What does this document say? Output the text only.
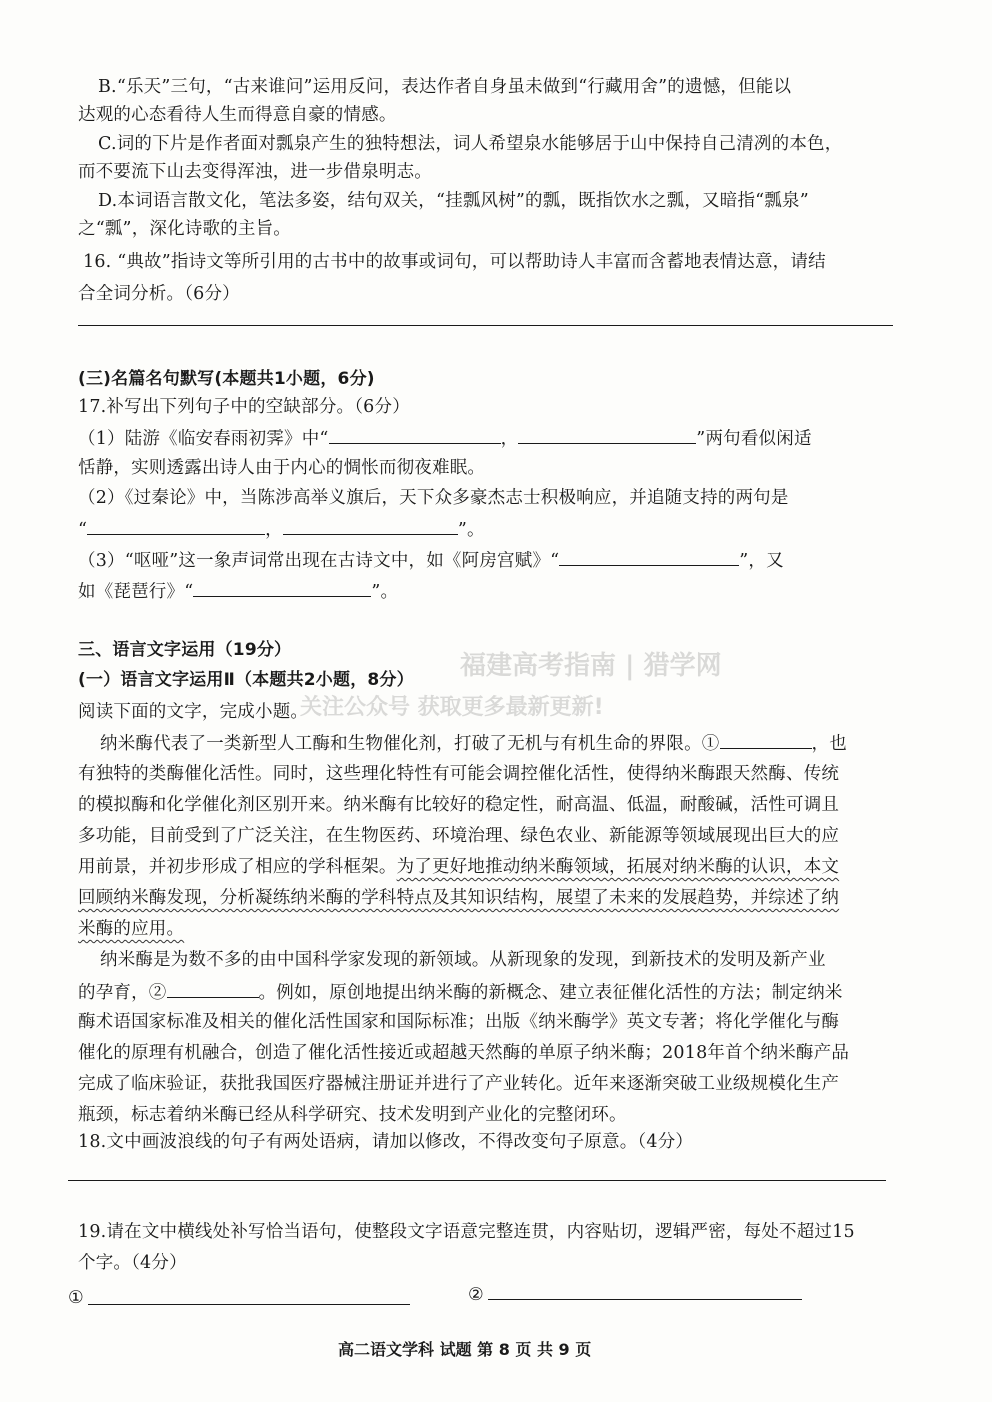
B.“乐天”三句，“古来谁问”运用反问，表达作者自身虽未做到“行藏用舍”的遗憾，但能以
达观的心态看待人生而得意自豪的情感。
C.词的下片是作者面对瓢泉产生的独特想法，词人希望泉水能够居于山中保持自己清冽的本色，
而不要流下山去变得浑浊，进一步借泉明志。
D.本词语言散文化，笔法多姿，结句双关，“挂瓢风树”的瓢，既指饮水之瓢，又暗指“瓢泉”
之“瓢”，深化诗歌的主旨。
16. “典故”指诗文等所引用的古书中的故事或词句，可以帮助诗人丰富而含蓄地表情达意，请结
合全词分析。（6分）
(三)名篇名句默写(本题共1小题，6分)
17.补写出下列句子中的空缺部分。（6分）
（1）陆游《临安春雨初霁》中“	，	”两句看似闲适
恬静，实则透露出诗人由于内心的惆怅而彻夜难眠。
（2）《过秦论》中，当陈涉高举义旗后，天下众多豪杰志士积极响应，并追随支持的两句是
“	，	”。
（3）“呕哑”这一象声词常出现在古诗文中，如《阿房宫赋》“	”，又
如《琵琶行》“	”。
三、语言文字运用（19分）
(一）语言文字运用Ⅱ（本题共2小题，8分）
阅读下面的文字，完成小题。
福建高考指南 | 猎学网
关注公众号 获取更多最新更新!
纳米酶代表了一类新型人工酶和生物催化剂，打破了无机与有机生命的界限。①	，也
有独特的类酶催化活性。同时，这些理化特性有可能会调控催化活性，使得纳米酶跟天然酶、传统
的模拟酶和化学催化剂区别开来。纳米酶有比较好的稳定性，耐高温、低温，耐酸碱，活性可调且
多功能，目前受到了广泛关注，在生物医药、环境治理、绿色农业、新能源等领域展现出巨大的应
用前景，并初步形成了相应的学科框架。为了更好地推动纳米酶领域，拓展对纳米酶的认识，本文
回顾纳米酶发现，分析凝练纳米酶的学科特点及其知识结构，展望了未来的发展趋势，并综述了纳
米酶的应用。
纳米酶是为数不多的由中国科学家发现的新领域。从新现象的发现，到新技术的发明及新产业
的孕育，②	。例如，原创地提出纳米酶的新概念、建立表征催化活性的方法；制定纳米
酶术语国家标准及相关的催化活性国家和国际标准；出版《纳米酶学》英文专著；将化学催化与酶
催化的原理有机融合，创造了催化活性接近或超越天然酶的单原子纳米酶；2018年首个纳米酶产品
完成了临床验证，获批我国医疗器械注册证并进行了产业转化。近年来逐渐突破工业级规模化生产
瓶颈，标志着纳米酶已经从科学研究、技术发明到产业化的完整闭环。
18.文中画波浪线的句子有两处语病，请加以修改，不得改变句子原意。（4分）
19.请在文中横线处补写恰当语句，使整段文字语意完整连贯，内容贴切，逻辑严密，每处不超过15
个字。（4分）
①	②
高二语文学科 试题 第 8 页 共 9 页
